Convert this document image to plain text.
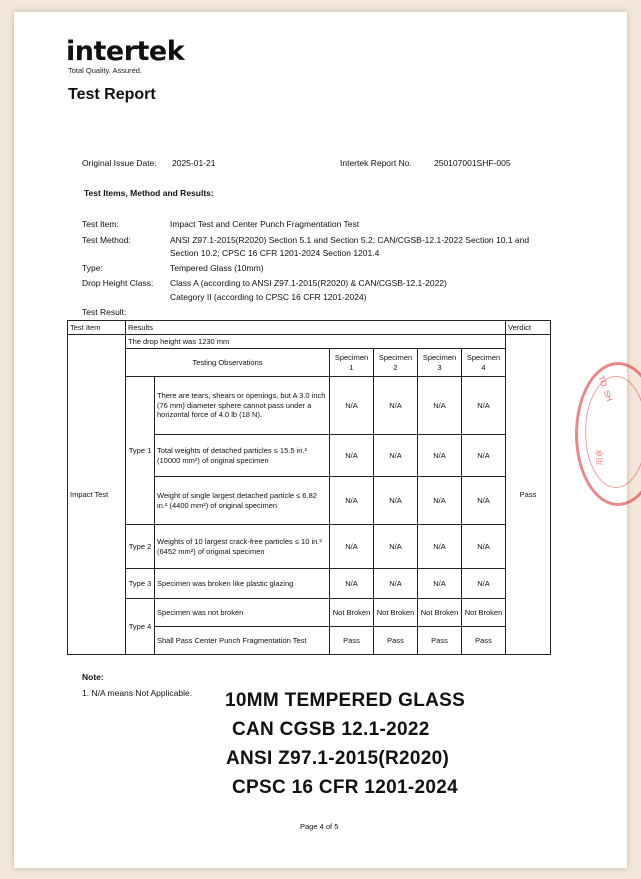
intertek
Total Quality. Assured.
Test Report
Original Issue Date: 2025-01-21	Intertek Report No.	250107001SHF-005
Test Items, Method and Results:
Test Item:	Impact Test and Center Punch Fragmentation Test
Test Method:	ANSI Z97.1-2015(R2020) Section 5.1 and Section 5.2; CAN/CGSB-12.1-2022 Section 10.1 and
Section 10.2; CPSC 16 CFR 1201-2024 Section 1201.4
Type:	Tempered Glass (10mm)
Drop Height Class: Class A (according to ANSI Z97.1-2015(R2020) & CAN/CGSB-12.1-2022)
Category II (according to CPSC 16 CFR 1201-2024)
Test Result:
Test Item	Results						Verdict
Impact Test	The drop height was 1230 mm						Pass
	Testing Observations		Specimen 1	Specimen 2	Specimen 3	Specimen 4	
	Type 1	There are tears, shears or openings, but A 3.0 inch (76 mm) diameter sphere cannot pass under a horizontal force of 4.0 lb (18 N).	N/A	N/A	N/A	N/A	
		Total weights of detached particles ≤ 15.5 in.² (10000 mm²) of original specimen	N/A	N/A	N/A	N/A	
		Weight of single largest detached particle ≤ 6.82 in.² (4400 mm²) of original specimen	N/A	N/A	N/A	N/A	
	Type 2	Weights of 10 largest crack-free particles ≤ 10 in.² (6452 mm²) of original specimen	N/A	N/A	N/A	N/A	
	Type 3	Specimen was broken like plastic glazing	N/A	N/A	N/A	N/A	
	Type 4	Specimen was not broken	Not Broken	Not Broken	Not Broken	Not Broken	
		Shall Pass Center Punch Fragmentation Test	Pass	Pass	Pass	Pass	
Note:
1. N/A means Not Applicable. 10MM TEMPERED GLASS
CAN CGSB 12.1-2022
ANSI Z97.1-2015(R2020)
CPSC 16 CFR 1201-2024
Page 4 of 5
TO. SH
用章
